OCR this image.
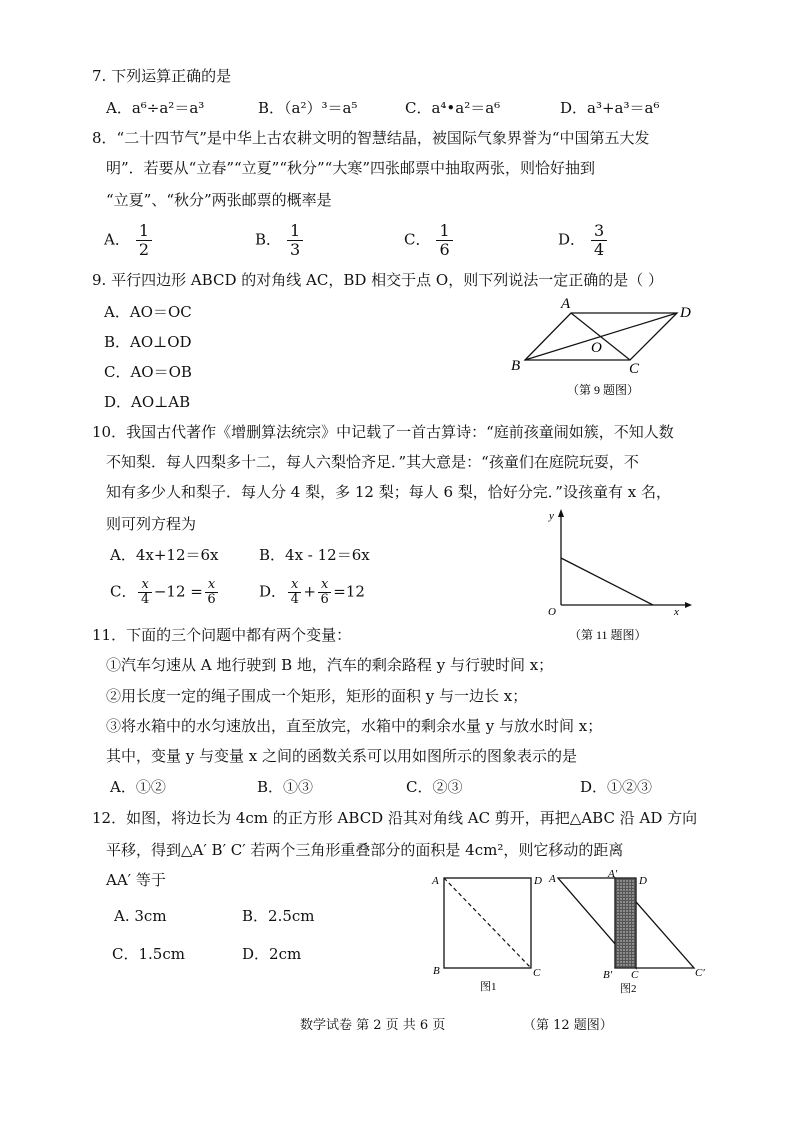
7. 下列运算正确的是
A．a⁶÷a²＝a³	B．（a²）³＝a⁵	C．a⁴•a²＝a⁶	D．a³+a³＝a⁶
8．“二十四节气”是中华上古农耕文明的智慧结晶，被国际气象界誉为“中国第五大发
明”．若要从“立春”“立夏”“秋分”“大寒”四张邮票中抽取两张，则恰好抽到
“立夏”、“秋分”两张邮票的概率是
A． $\frac{1}{2}$	B． $\frac{1}{3}$	C． $\frac{1}{6}$	D． $\frac{3}{4}$
9. 平行四边形 ABCD 的对角线 AC，BD 相交于点 O，则下列说法一定正确的是（ ）
A．AO＝OC
B．AO⊥OD
C．AO＝OB
D．AO⊥AB
A
D
O
B	C
（第 9 题图）
10．我国古代著作《增删算法统宗》中记载了一首古算诗：“庭前孩童闹如簇，不知人数
不知梨．每人四梨多十二，每人六梨恰齐足．”其大意是：“孩童们在庭院玩耍，不
知有多少人和梨子．每人分 4 梨，多 12 梨；每人 6 梨，恰好分完．”设孩童有 x 名，
则可列方程为
A．4x+12＝6x	B．4x - 12＝6x
C． $\frac{x}{4} -12 = \frac{x}{6}$	D． $\frac{x}{4} + \frac{x}{6} =12$
y
x
O
（第 11 题图）
11．下面的三个问题中都有两个变量：
①汽车匀速从 A 地行驶到 B 地，汽车的剩余路程 y 与行驶时间 x；
②用长度一定的绳子围成一个矩形，矩形的面积 y 与一边长 x；
③将水箱中的水匀速放出，直至放完，水箱中的剩余水量 y 与放水时间 x；
其中，变量 y 与变量 x 之间的函数关系可以用如图所示的图象表示的是
A．①②	B．①③	C．②③	D．①②③
12．如图，将边长为 4cm 的正方形 ABCD 沿其对角线 AC 剪开，再把△ABC 沿 AD 方向
平移，得到△A′ B′ C′ 若两个三角形重叠部分的面积是 4cm²，则它移动的距离
AA′ 等于
A. 3cm	B．2.5cm
C．1.5cm	D．2cm
A	D
B	C
图1
A	A′
D
B′ C	C′
图2
数学试卷 第 2 页 共 6 页	（第 12 题图）
